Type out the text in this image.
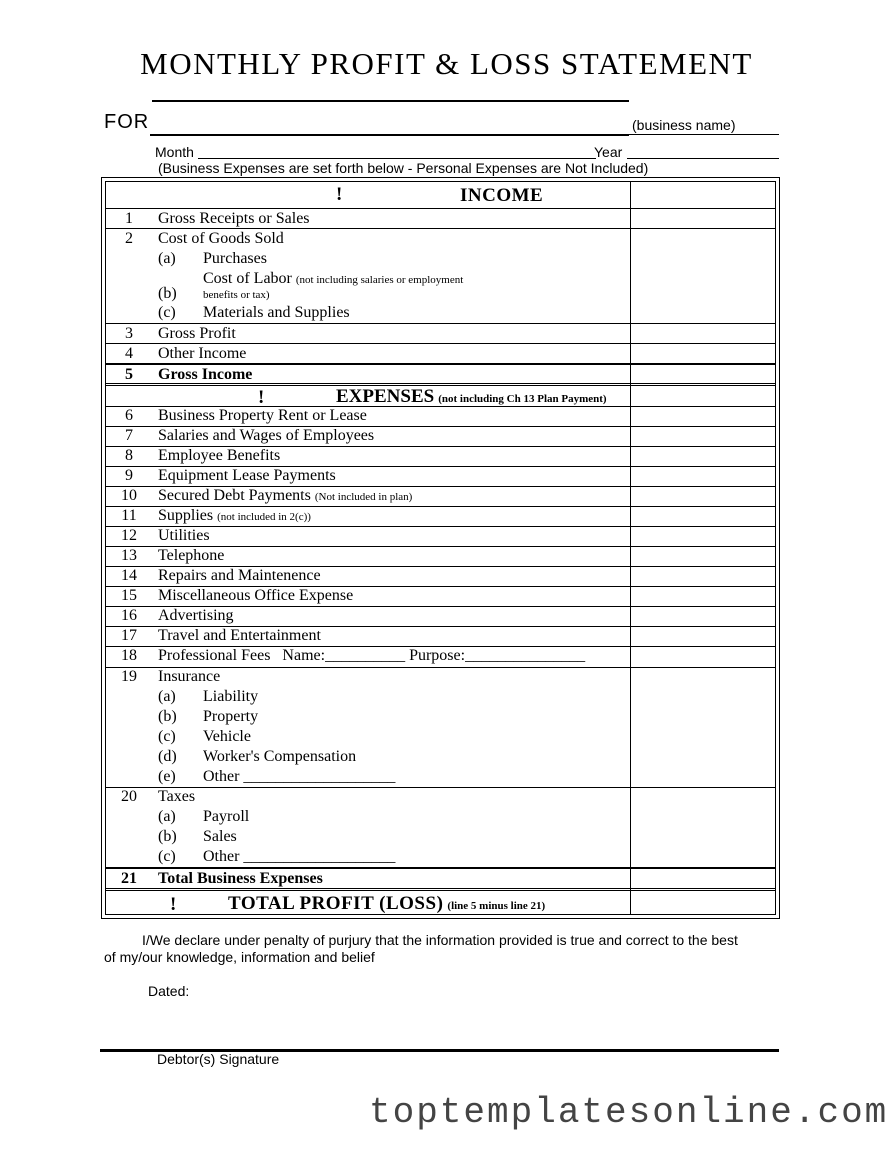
MONTHLY PROFIT & LOSS STATEMENT
FOR	(business name)
Month	Year
(Business Expenses are set forth below - Personal Expenses are Not Included)
!	INCOME
1	Gross Receipts or Sales
2	Cost of Goods Sold
(a) Purchases
Cost of Labor (not including salaries or employment
(b) benefits or tax)
(c) Materials and Supplies
3	Gross Profit
4	Other Income
5	Gross Income
!	EXPENSES (not including Ch 13 Plan Payment)
6	Business Property Rent or Lease
7	Salaries and Wages of Employees
8	Employee Benefits
9	Equipment Lease Payments
10	Secured Debt Payments (Not included in plan)
11	Supplies (not included in 2(c))
12	Utilities
13	Telephone
14	Repairs and Maintenence
15	Miscellaneous Office Expense
16	Advertising
17	Travel and Entertainment
18	Professional Fees   Name:__________ Purpose:_______________
19	Insurance
(a) Liability
(b) Property
(c) Vehicle
(d) Worker's Compensation
(e) Other ___________________
20	Taxes
(a) Payroll
(b) Sales
(c) Other ___________________
21	Total Business Expenses
!	TOTAL PROFIT (LOSS) (line 5 minus line 21)
I/We declare under penalty of purjury that the information provided is true and correct to the best
of my/our knowledge, information and belief
Dated:
Debtor(s) Signature
toptemplatesonline.com
